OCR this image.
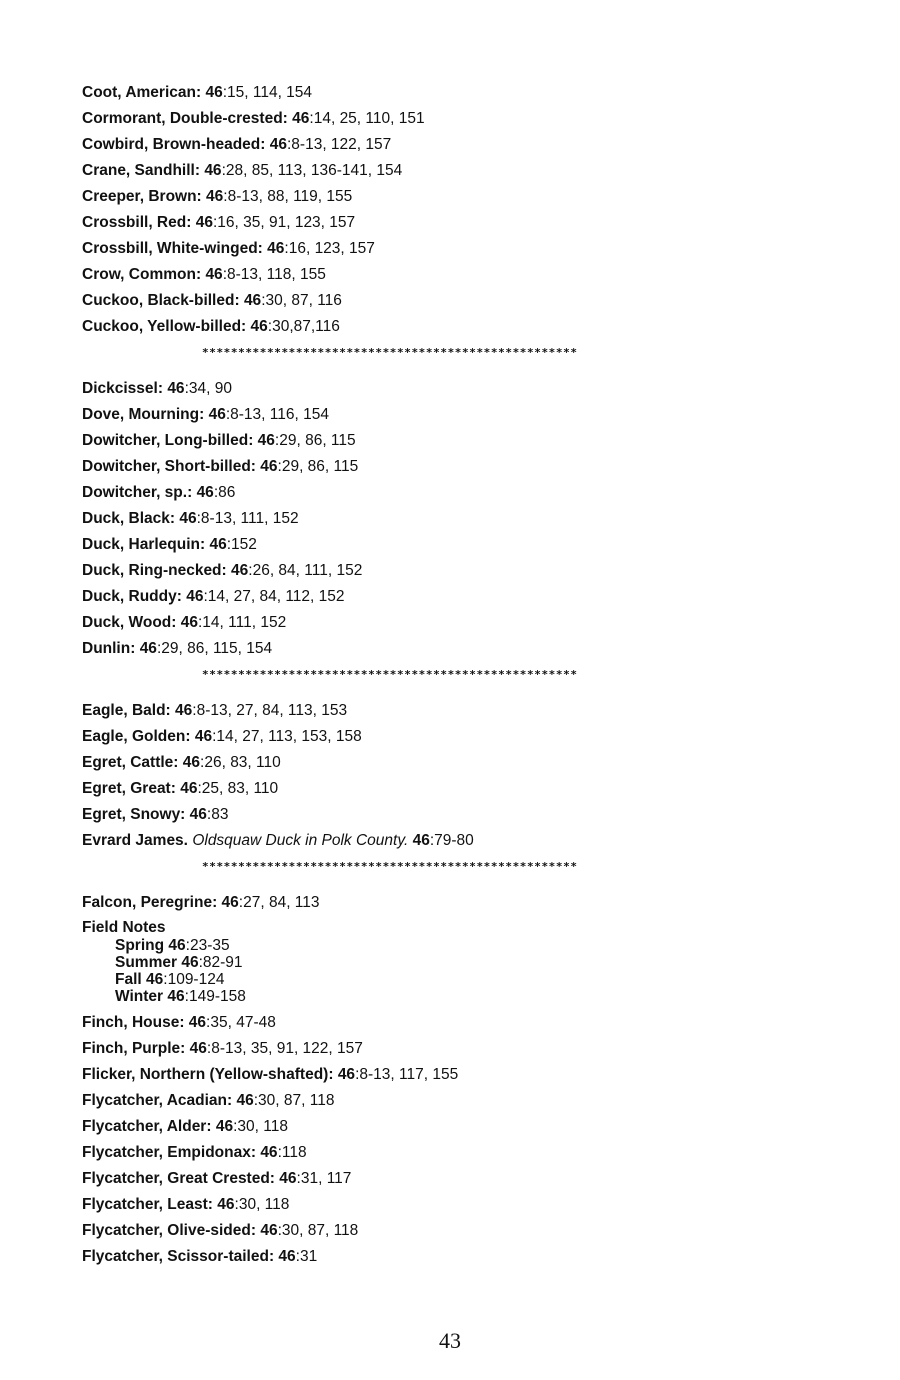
Coot, American: 46:15, 114, 154
Cormorant, Double-crested: 46:14, 25, 110, 151
Cowbird, Brown-headed: 46:8-13, 122, 157
Crane, Sandhill: 46:28, 85, 113, 136-141, 154
Creeper, Brown: 46:8-13, 88, 119, 155
Crossbill, Red: 46:16, 35, 91, 123, 157
Crossbill, White-winged: 46:16, 123, 157
Crow, Common: 46:8-13, 118, 155
Cuckoo, Black-billed: 46:30, 87, 116
Cuckoo, Yellow-billed: 46:30,87,116
****************************************************
Dickcissel: 46:34, 90
Dove, Mourning: 46:8-13, 116, 154
Dowitcher, Long-billed: 46:29, 86, 115
Dowitcher, Short-billed: 46:29, 86, 115
Dowitcher, sp.: 46:86
Duck, Black: 46:8-13, 111, 152
Duck, Harlequin: 46:152
Duck, Ring-necked: 46:26, 84, 111, 152
Duck, Ruddy: 46:14, 27, 84, 112, 152
Duck, Wood: 46:14, 111, 152
Dunlin: 46:29, 86, 115, 154
****************************************************
Eagle, Bald: 46:8-13, 27, 84, 113, 153
Eagle, Golden: 46:14, 27, 113, 153, 158
Egret, Cattle: 46:26, 83, 110
Egret, Great: 46:25, 83, 110
Egret, Snowy: 46:83
Evrard James. Oldsquaw Duck in Polk County. 46:79-80
****************************************************
Falcon, Peregrine: 46:27, 84, 113
Field Notes
Spring 46:23-35
Summer 46:82-91
Fall 46:109-124
Winter 46:149-158
Finch, House: 46:35, 47-48
Finch, Purple: 46:8-13, 35, 91, 122, 157
Flicker, Northern (Yellow-shafted): 46:8-13, 117, 155
Flycatcher, Acadian: 46:30, 87, 118
Flycatcher, Alder: 46:30, 118
Flycatcher, Empidonax: 46:118
Flycatcher, Great Crested: 46:31, 117
Flycatcher, Least: 46:30, 118
Flycatcher, Olive-sided: 46:30, 87, 118
Flycatcher, Scissor-tailed: 46:31
43
